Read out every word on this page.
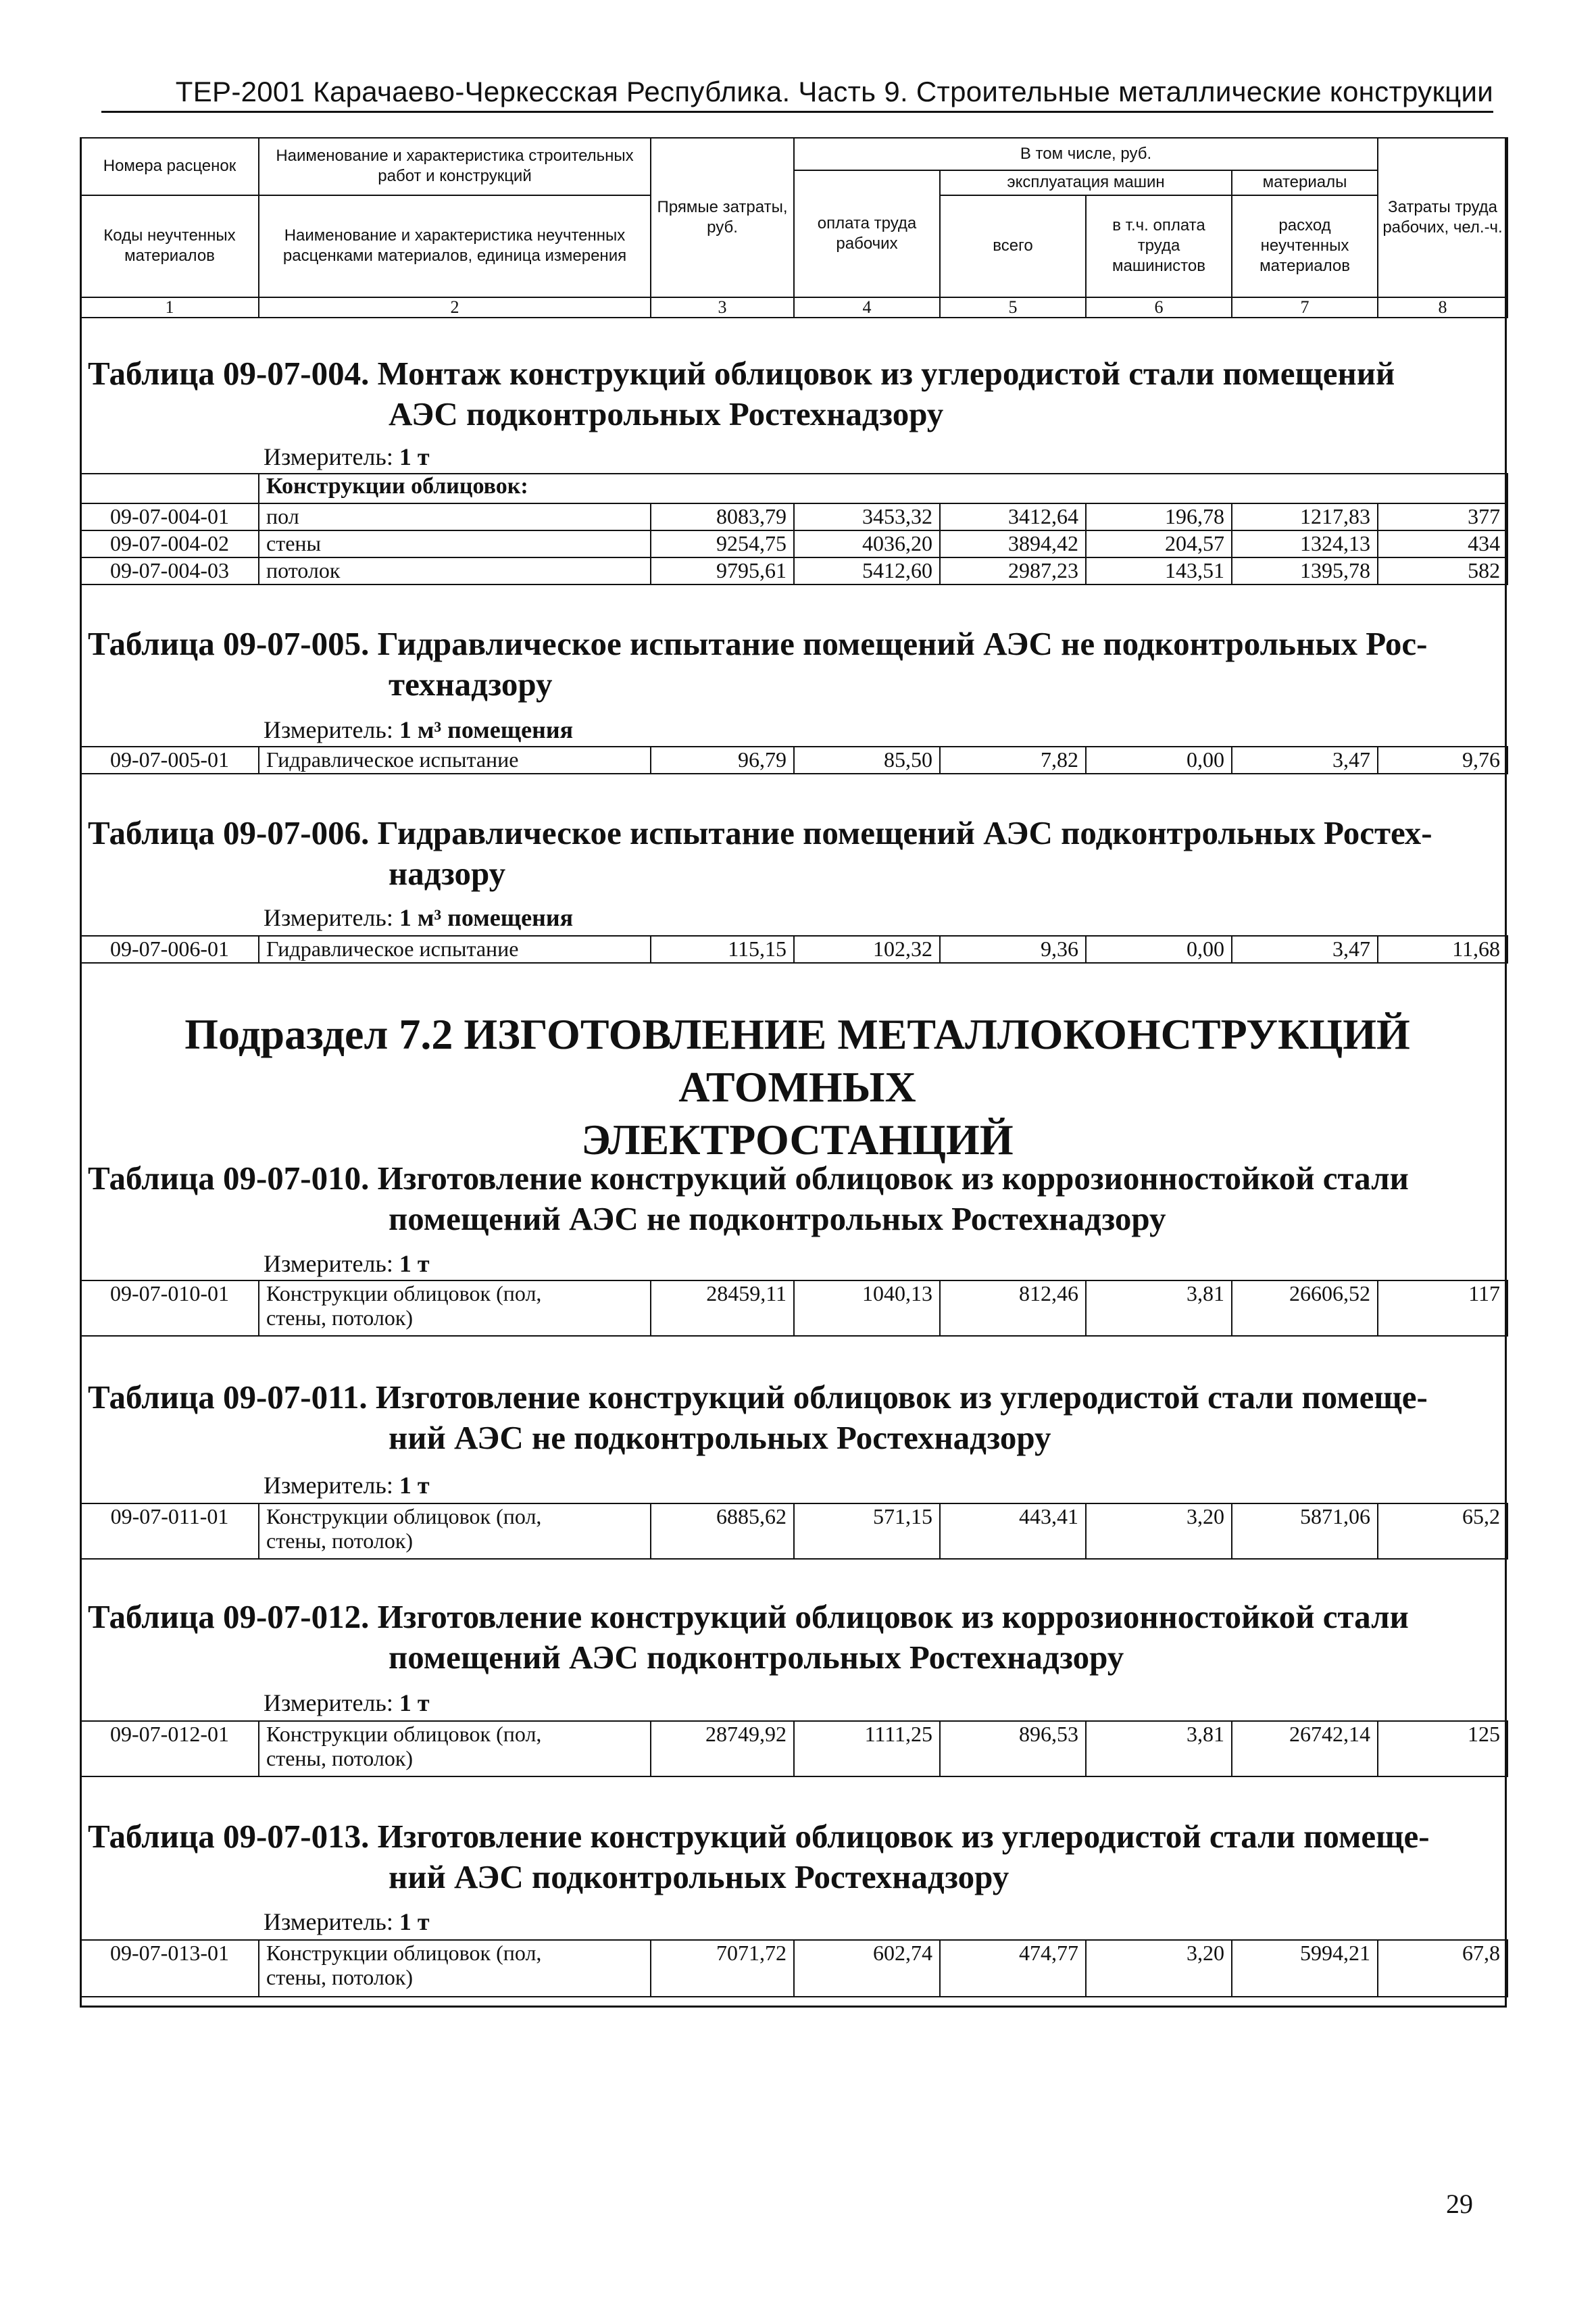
ТЕР-2001 Карачаево-Черкесская Республика. Часть 9. Строительные металлические конструкции
Номера расценок	Наименование и характеристика строительных работ и конструкций	Прямые затраты, руб.	В том числе, руб.				Затраты труда рабочих, чел.-ч.
			оплата труда рабочих	эксплуатация машин		материалы	
Коды неучтенных материалов	Наименование и характеристика неучтенных расценками материалов, единица измерения			всего	в т.ч. оплата труда машинистов	расход неучтенных материалов	

1	2	3	4	5	6	7	8
Таблица 09-07-004. Монтаж конструкций облицовок из углеродистой стали помещений
АЭС подконтрольных Ростехнадзору
Измеритель: 1 т
	Конструкции облицовок:						
09-07-004-01	пол	8083,79	3453,32	3412,64	196,78	1217,83	377
09-07-004-02	стены	9254,75	4036,20	3894,42	204,57	1324,13	434
09-07-004-03	потолок	9795,61	5412,60	2987,23	143,51	1395,78	582
Таблица 09-07-005. Гидравлическое испытание помещений АЭС не подконтрольных Рос-
технадзору
Измеритель: 1 м³ помещения
09-07-005-01	Гидравлическое испытание	96,79	85,50	7,82	0,00	3,47	9,76
Таблица 09-07-006. Гидравлическое испытание помещений АЭС подконтрольных Ростех-
надзору
Измеритель: 1 м³ помещения
09-07-006-01	Гидравлическое испытание	115,15	102,32	9,36	0,00	3,47	11,68
Подраздел 7.2 ИЗГОТОВЛЕНИЕ МЕТАЛЛОКОНСТРУКЦИЙ АТОМНЫХ
ЭЛЕКТРОСТАНЦИЙ
Таблица 09-07-010. Изготовление конструкций облицовок из коррозионностойкой стали
помещений АЭС не подконтрольных Ростехнадзору
Измеритель: 1 т
09-07-010-01	Конструкции облицовок (пол,
стены, потолок)
	28459,11	1040,13	812,46	3,81	26606,52	117
Таблица 09-07-011. Изготовление конструкций облицовок из углеродистой стали помеще-
ний АЭС не подконтрольных Ростехнадзору
Измеритель: 1 т
09-07-011-01	Конструкции облицовок (пол,
стены, потолок)
	6885,62	571,15	443,41	3,20	5871,06	65,2
Таблица 09-07-012. Изготовление конструкций облицовок из коррозионностойкой стали
помещений АЭС подконтрольных Ростехнадзору
Измеритель: 1 т
09-07-012-01	Конструкции облицовок (пол,
стены, потолок)
	28749,92	1111,25	896,53	3,81	26742,14	125
Таблица 09-07-013. Изготовление конструкций облицовок из углеродистой стали помеще-
ний АЭС подконтрольных Ростехнадзору
Измеритель: 1 т
09-07-013-01	Конструкции облицовок (пол,
стены, потолок)
	7071,72	602,74	474,77	3,20	5994,21	67,8
29
